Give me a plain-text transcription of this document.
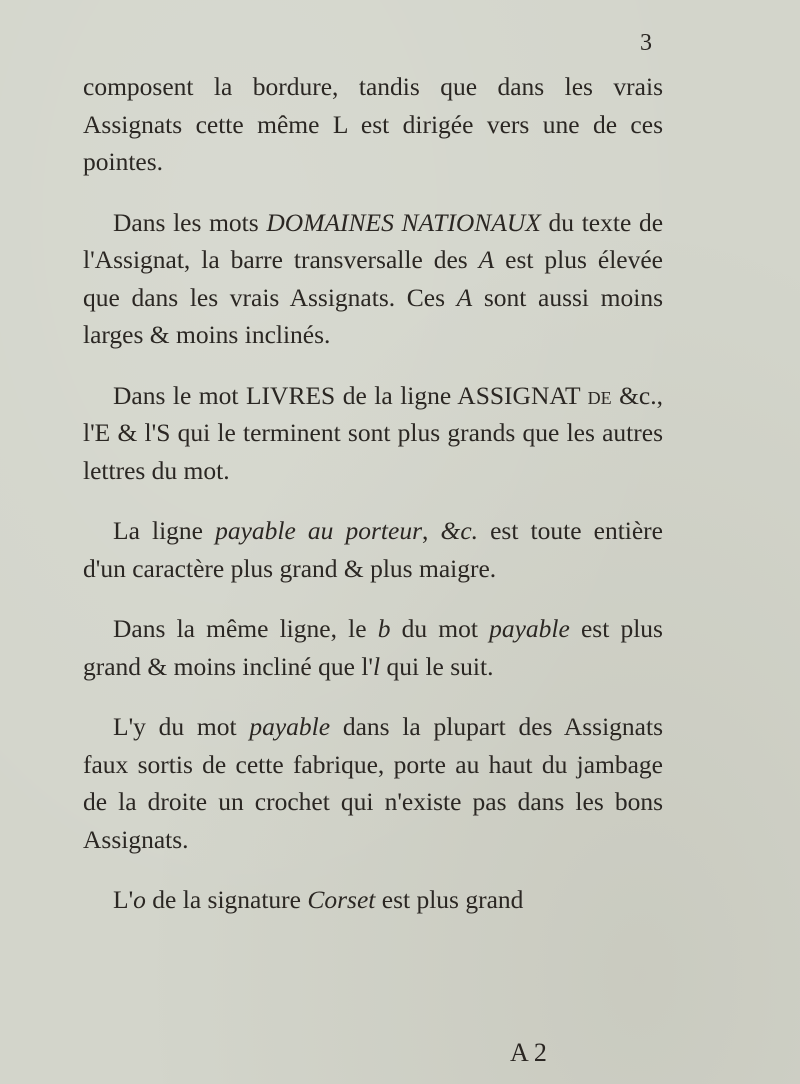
3

composent la bordure, tandis que dans les vrais Assignats cette même L est dirigée vers une de ces pointes.

Dans les mots DOMAINES NATIONAUX du texte de l'Assignat, la barre transversalle des A est plus élevée que dans les vrais Assignats. Ces A sont aussi moins larges & moins inclinés.

Dans le mot LIVRES de la ligne ASSIGNAT de &c., l'E & l'S qui le terminent sont plus grands que les autres lettres du mot.

La ligne payable au porteur, &c. est toute entière d'un caractère plus grand & plus maigre.

Dans la même ligne, le b du mot payable est plus grand & moins incliné que l'l qui le suit.

L'y du mot payable dans la plupart des Assignats faux sortis de cette fabrique, porte au haut du jambage de la droite un crochet qui n'existe pas dans les bons Assignats.

L'o de la signature Corset est plus grand

A 2
